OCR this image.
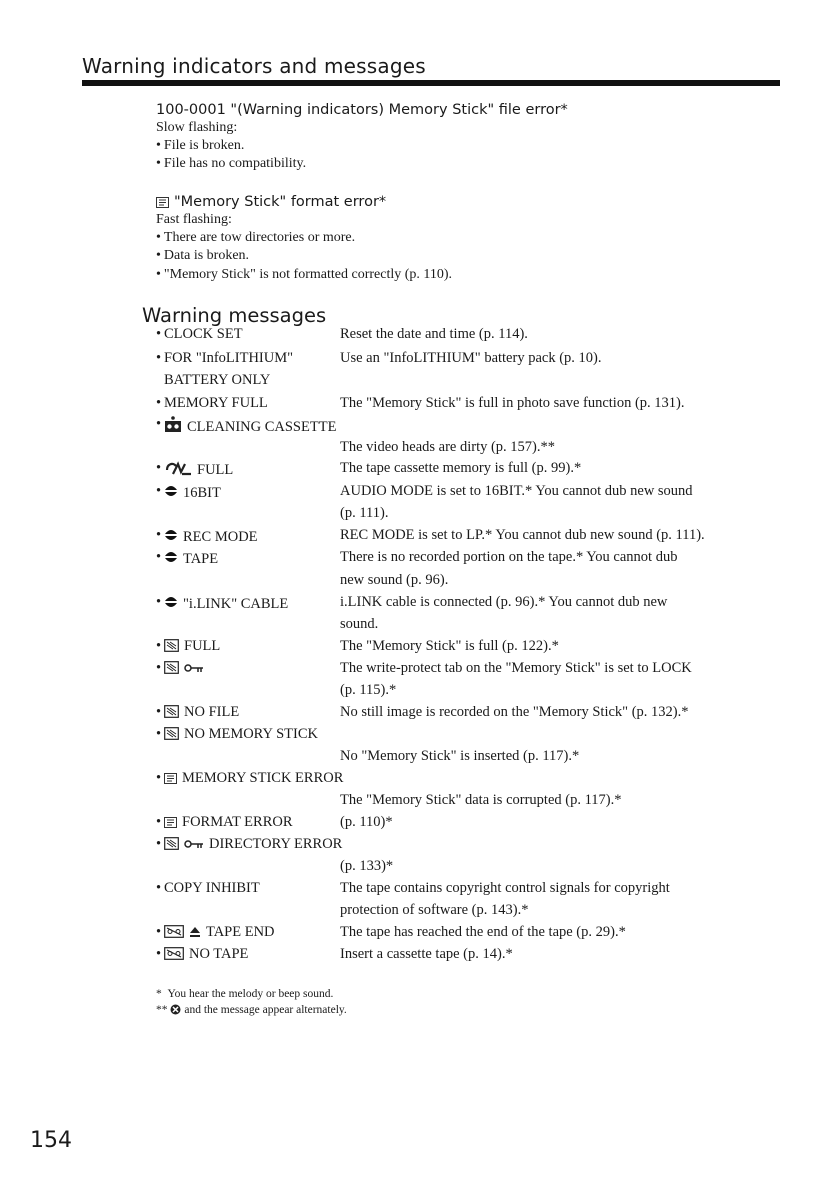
Warning indicators and messages
100-0001 "(Warning indicators) Memory Stick" file error*
Slow flashing:
• File is broken.
• File has no compatibility.
"Memory Stick" format error*
Fast flashing:
• There are tow directories or more.
• Data is broken.
• "Memory Stick" is not formatted correctly (p. 110).
Warning messages
• CLOCK SET	Reset the date and time (p. 114).
• FOR "InfoLITHIUM"	Use an "InfoLITHIUM" battery pack (p. 10).
BATTERY ONLY
• MEMORY FULL	The "Memory Stick" is full in photo save function (p. 131).
•	CLEANING CASSETTE
The video heads are dirty (p. 157).**
•	FULL	The tape cassette memory is full (p. 99).*
•	16BIT	AUDIO MODE is set to 16BIT.* You cannot dub new sound
(p. 111).
•	REC MODE	REC MODE is set to LP.* You cannot dub new sound (p. 111).
•	TAPE	There is no recorded portion on the tape.* You cannot dub
new sound (p. 96).
•	"i.LINK" CABLE	i.LINK cable is connected (p. 96).* You cannot dub new
sound.
•	FULL	The "Memory Stick" is full (p. 122).*
•	The write-protect tab on the "Memory Stick" is set to LOCK
(p. 115).*
•	NO FILE	No still image is recorded on the "Memory Stick" (p. 132).*
•	NO MEMORY STICK
No "Memory Stick" is inserted (p. 117).*
•	MEMORY STICK ERROR
The "Memory Stick" data is corrupted (p. 117).*
•	FORMAT ERROR	(p. 110)*
•	DIRECTORY ERROR
(p. 133)*
• COPY INHIBIT	The tape contains copyright control signals for copyright
protection of software (p. 143).*
•	TAPE END	The tape has reached the end of the tape (p. 29).*
•	NO TAPE	Insert a cassette tape (p. 14).*
*  You hear the melody or beep sound.
**
and the message appear alternately.
154
